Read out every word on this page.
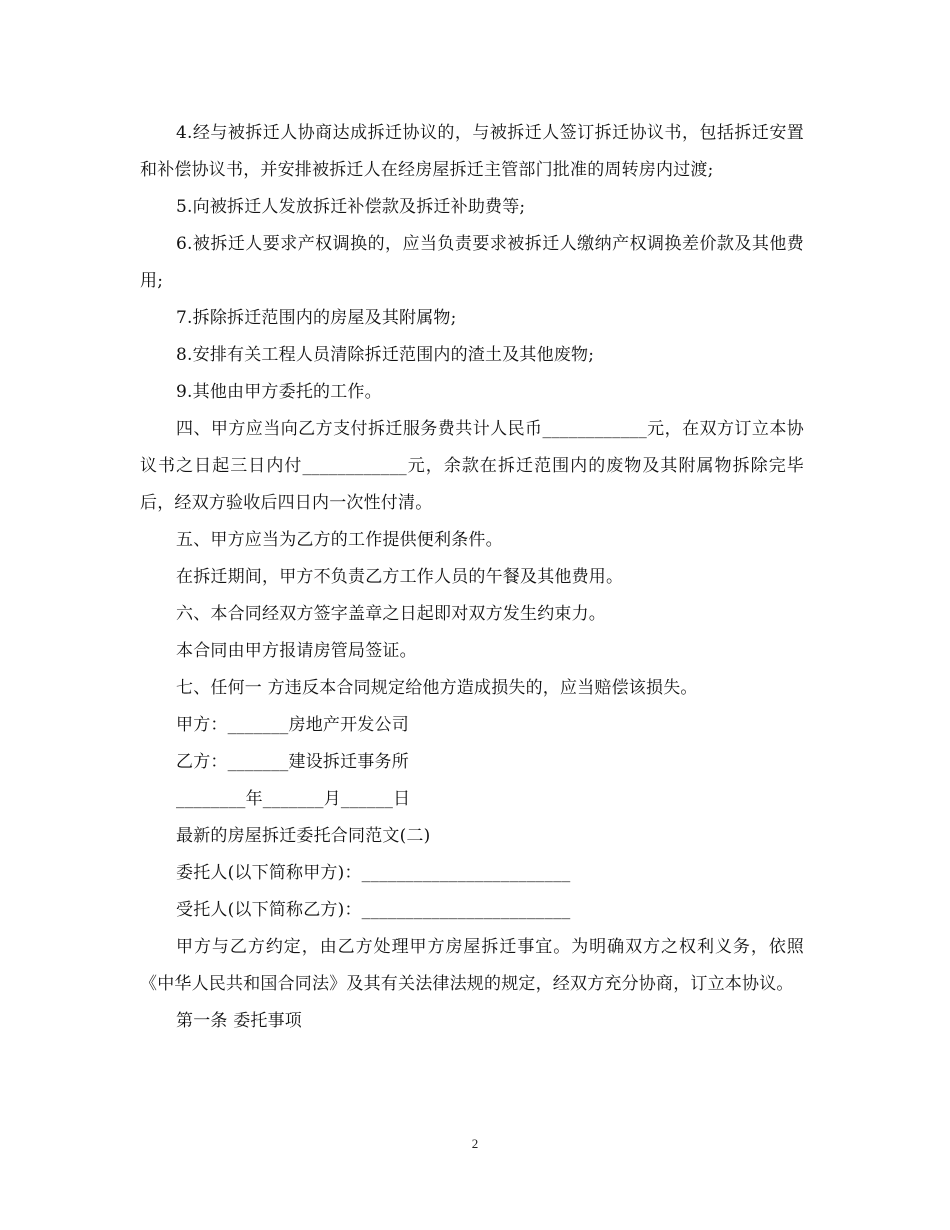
4.经与被拆迁人协商达成拆迁协议的，与被拆迁人签订拆迁协议书，包括拆迁安置和补偿协议书，并安排被拆迁人在经房屋拆迁主管部门批准的周转房内过渡;

5.向被拆迁人发放拆迁补偿款及拆迁补助费等;

6.被拆迁人要求产权调换的，应当负责要求被拆迁人缴纳产权调换差价款及其他费用;

7.拆除拆迁范围内的房屋及其附属物;

8.安排有关工程人员清除拆迁范围内的渣土及其他废物;

9.其他由甲方委托的工作。

四、甲方应当向乙方支付拆迁服务费共计人民币____________元，在双方订立本协议书之日起三日内付____________元，余款在拆迁范围内的废物及其附属物拆除完毕后，经双方验收后四日内一次性付清。

五、甲方应当为乙方的工作提供便利条件。

在拆迁期间，甲方不负责乙方工作人员的午餐及其他费用。

六、本合同经双方签字盖章之日起即对双方发生约束力。

本合同由甲方报请房管局签证。

七、任何一 方违反本合同规定给他方造成损失的，应当赔偿该损失。

甲方：_______房地产开发公司

乙方：_______建设拆迁事务所

________年_______月______日

最新的房屋拆迁委托合同范文(二)

委托人(以下简称甲方)：________________________

受托人(以下简称乙方)：________________________

甲方与乙方约定，由乙方处理甲方房屋拆迁事宜。为明确双方之权利义务，依照《中华人民共和国合同法》及其有关法律法规的规定，经双方充分协商，订立本协议。

第一条 委托事项

2
